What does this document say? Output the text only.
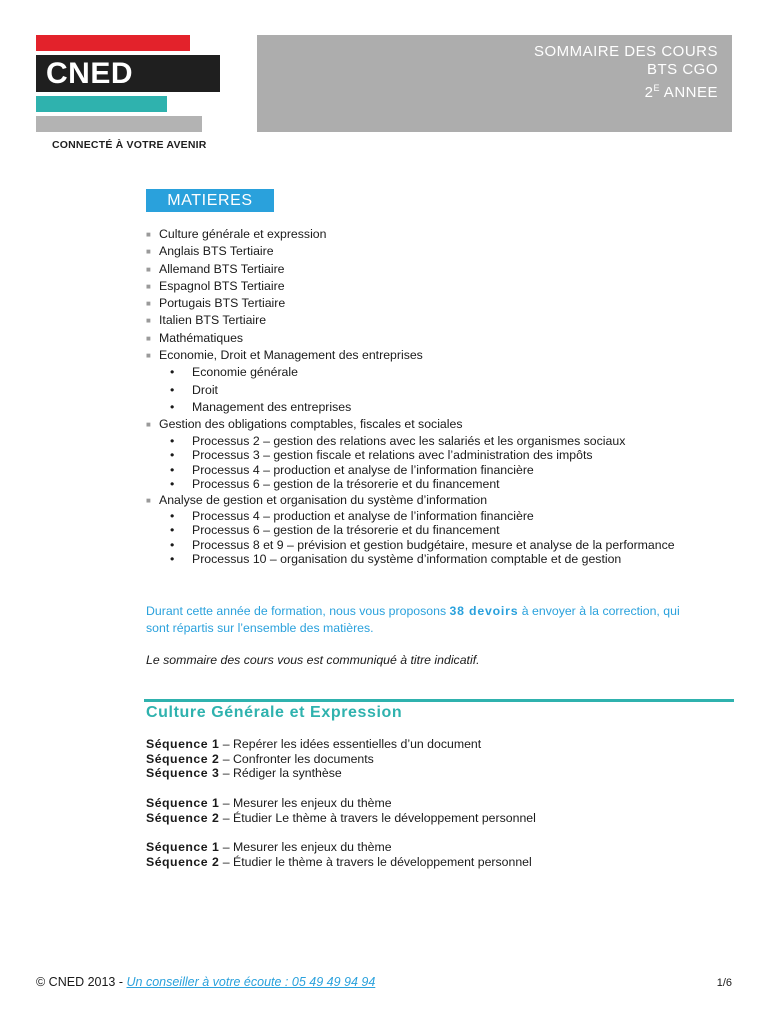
CNED
CONNECTÉ À VOTRE AVENIR
SOMMAIRE DES COURS
BTS CGO
$2^E$ ANNEE
MATIERES
■ Culture générale et expression
■ Anglais BTS Tertiaire
■ Allemand BTS Tertiaire
■ Espagnol BTS Tertiaire
■ Portugais BTS Tertiaire
■ Italien BTS Tertiaire
■ Mathématiques
■ Economie, Droit et Management des entreprises
• Economie générale
• Droit
• Management des entreprises
■ Gestion des obligations comptables, fiscales et sociales
• Processus 2 – gestion des relations avec les salariés et les organismes sociaux
• Processus 3 – gestion fiscale et relations avec l’administration des impôts
• Processus 4 – production et analyse de l’information financière
• Processus 6 – gestion de la trésorerie et du financement
■ Analyse de gestion et organisation du système d’information
• Processus 4 – production et analyse de l’information financière
• Processus 6 – gestion de la trésorerie et du financement
• Processus 8 et 9 – prévision et gestion budgétaire, mesure et analyse de la performance
• Processus 10 – organisation du système d’information comptable et de gestion

Durant cette année de formation, nous vous proposons 38 devoirs à envoyer à la correction, qui sont répartis sur l’ensemble des matières.

Le sommaire des cours vous est communiqué à titre indicatif.

Culture Générale et Expression
Séquence 1 – Repérer les idées essentielles d’un document
Séquence 2 – Confronter les documents
Séquence 3 – Rédiger la synthèse
Séquence 1 – Mesurer les enjeux du thème
Séquence 2 – Étudier Le thème à travers le développement personnel
Séquence 1 – Mesurer les enjeux du thème
Séquence 2 – Étudier le thème à travers le développement personnel
© CNED 2013 - Un conseiller à votre écoute : 05 49 49 94 94	1/6
